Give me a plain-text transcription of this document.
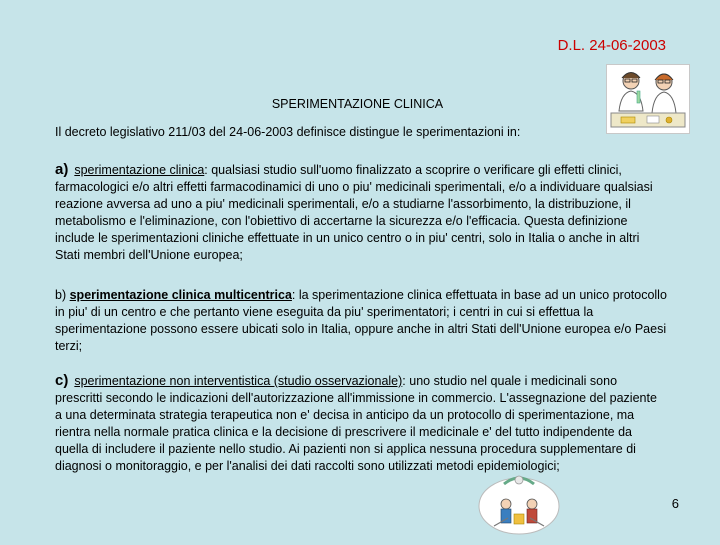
D.L. 24-06-2003
SPERIMENTAZIONE CLINICA
Il decreto legislativo 211/03 del 24-06-2003 definisce distingue le sperimentazioni in:
a) sperimentazione clinica: qualsiasi studio sull'uomo finalizzato a scoprire o verificare gli effetti clinici, farmacologici e/o altri effetti farmacodinamici di uno o piu' medicinali sperimentali, e/o a individuare qualsiasi reazione avversa ad uno a piu' medicinali sperimentali, e/o a studiarne l'assorbimento, la distribuzione, il metabolismo e l'eliminazione, con l'obiettivo di accertarne la sicurezza e/o l'efficacia. Questa definizione include le sperimentazioni cliniche effettuate in un unico centro o in piu' centri, solo in Italia o anche in altri Stati membri dell'Unione europea;
b) sperimentazione clinica multicentrica: la sperimentazione clinica effettuata in base ad un unico protocollo in piu' di un centro e che pertanto viene eseguita da piu' sperimentatori; i centri in cui si effettua la sperimentazione possono essere ubicati solo in Italia, oppure anche in altri Stati dell'Unione europea e/o Paesi terzi;
c) sperimentazione non interventistica (studio osservazionale): uno studio nel quale i medicinali sono prescritti secondo le indicazioni dell'autorizzazione all'immissione in commercio. L'assegnazione del paziente a una determinata strategia terapeutica non e' decisa in anticipo da un protocollo di sperimentazione, ma rientra nella normale pratica clinica e la decisione di prescrivere il medicinale e' del tutto indipendente da quella di includere il paziente nello studio. Ai pazienti non si applica nessuna procedura supplementare di diagnosi o monitoraggio, e per l'analisi dei dati raccolti sono utilizzati metodi epidemiologici;
6
